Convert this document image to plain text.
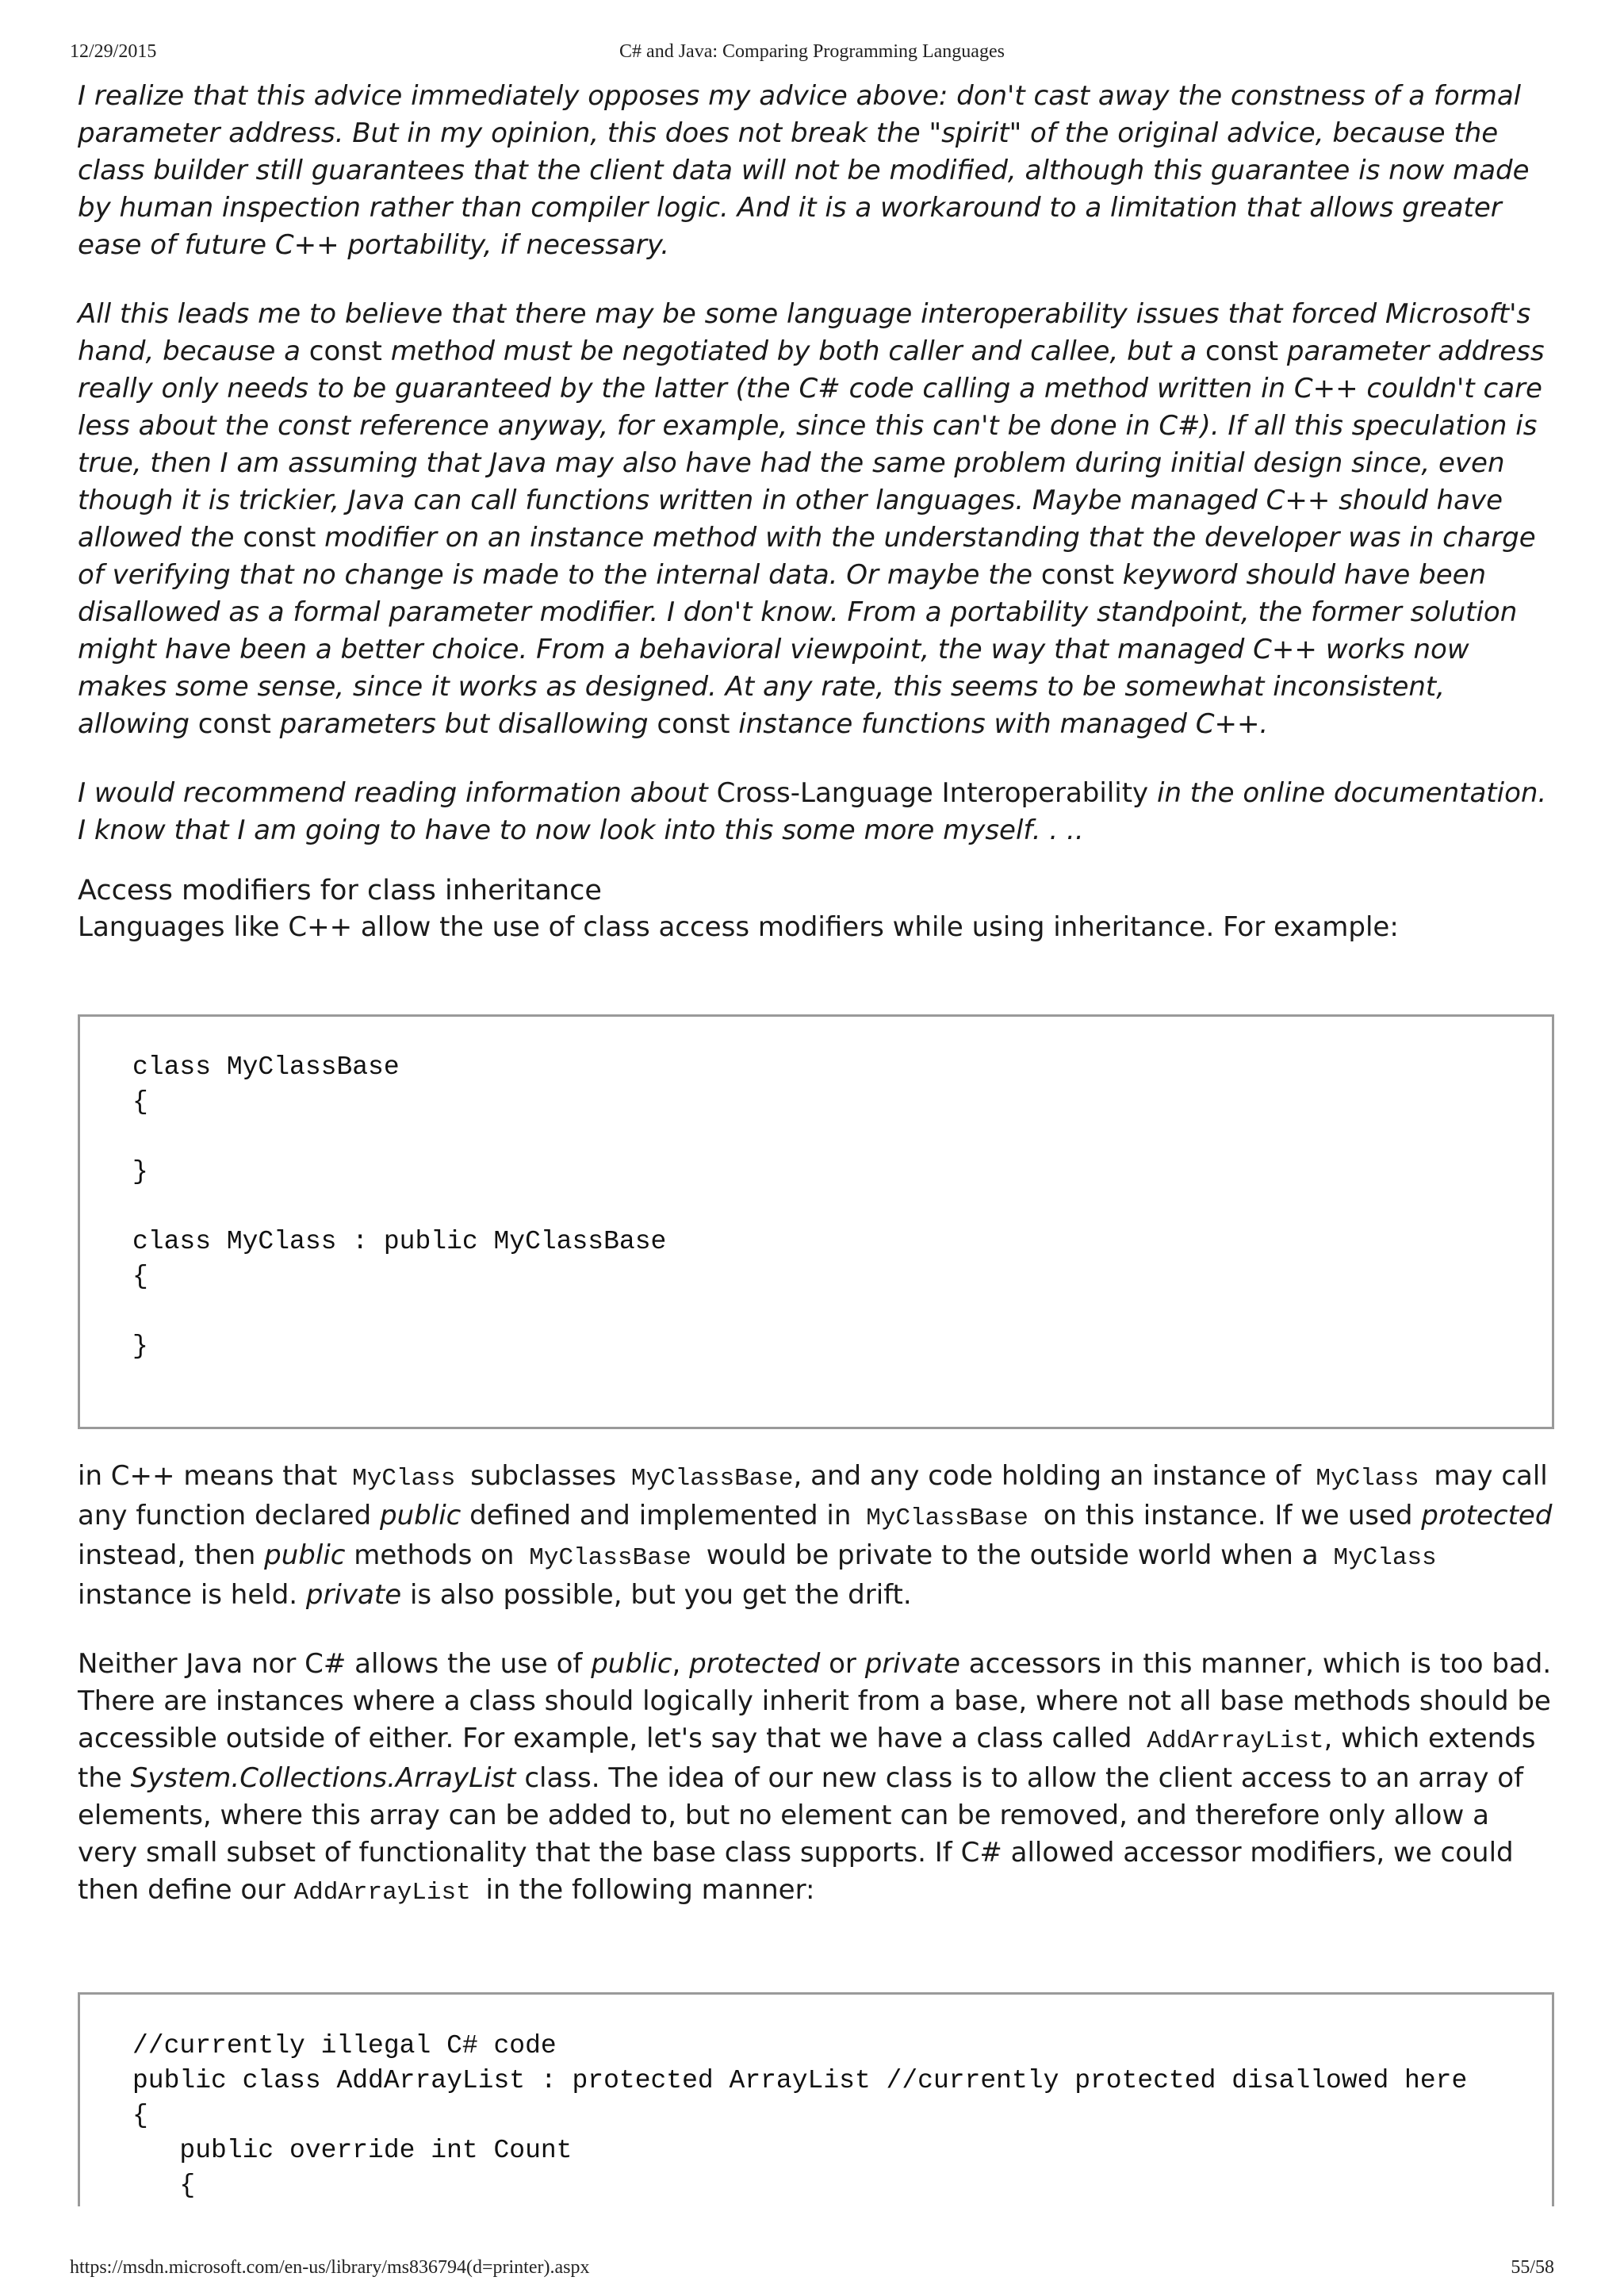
12/29/2015	C# and Java: Comparing Programming Languages

I realize that this advice immediately opposes my advice above: don't cast away the constness of a formal parameter address. But in my opinion, this does not break the "spirit" of the original advice, because the class builder still guarantees that the client data will not be modified, although this guarantee is now made by human inspection rather than compiler logic. And it is a workaround to a limitation that allows greater ease of future C++ portability, if necessary.

All this leads me to believe that there may be some language interoperability issues that forced Microsoft's hand, because a const method must be negotiated by both caller and callee, but a const parameter address really only needs to be guaranteed by the latter (the C# code calling a method written in C++ couldn't care less about the const reference anyway, for example, since this can't be done in C#). If all this speculation is true, then I am assuming that Java may also have had the same problem during initial design since, even though it is trickier, Java can call functions written in other languages. Maybe managed C++ should have allowed the const modifier on an instance method with the understanding that the developer was in charge of verifying that no change is made to the internal data. Or maybe the const keyword should have been disallowed as a formal parameter modifier. I don't know. From a portability standpoint, the former solution might have been a better choice. From a behavioral viewpoint, the way that managed C++ works now makes some sense, since it works as designed. At any rate, this seems to be somewhat inconsistent, allowing const parameters but disallowing const instance functions with managed C++.

I would recommend reading information about Cross-Language Interoperability in the online documentation. I know that I am going to have to now look into this some more myself. . ..

Access modifiers for class inheritance

Languages like C++ allow the use of class access modifiers while using inheritance. For example:

class MyClassBase
{

}

class MyClass : public MyClassBase
{

}

in C++ means that MyClass subclasses MyClassBase, and any code holding an instance of MyClass may call any function declared public defined and implemented in MyClassBase on this instance. If we used protected instead, then public methods on MyClassBase would be private to the outside world when a MyClass instance is held. private is also possible, but you get the drift.

Neither Java nor C# allows the use of public, protected or private accessors in this manner, which is too bad. There are instances where a class should logically inherit from a base, where not all base methods should be accessible outside of either. For example, let's say that we have a class called AddArrayList, which extends the System.Collections.ArrayList class. The idea of our new class is to allow the client access to an array of elements, where this array can be added to, but no element can be removed, and therefore only allow a very small subset of functionality that the base class supports. If C# allowed accessor modifiers, we could then define our AddArrayList in the following manner:

//currently illegal C# code
public class AddArrayList : protected ArrayList //currently protected disallowed here
{
public override int Count
{
https://msdn.microsoft.com/en-us/library/ms836794(d=printer).aspx	55/58
